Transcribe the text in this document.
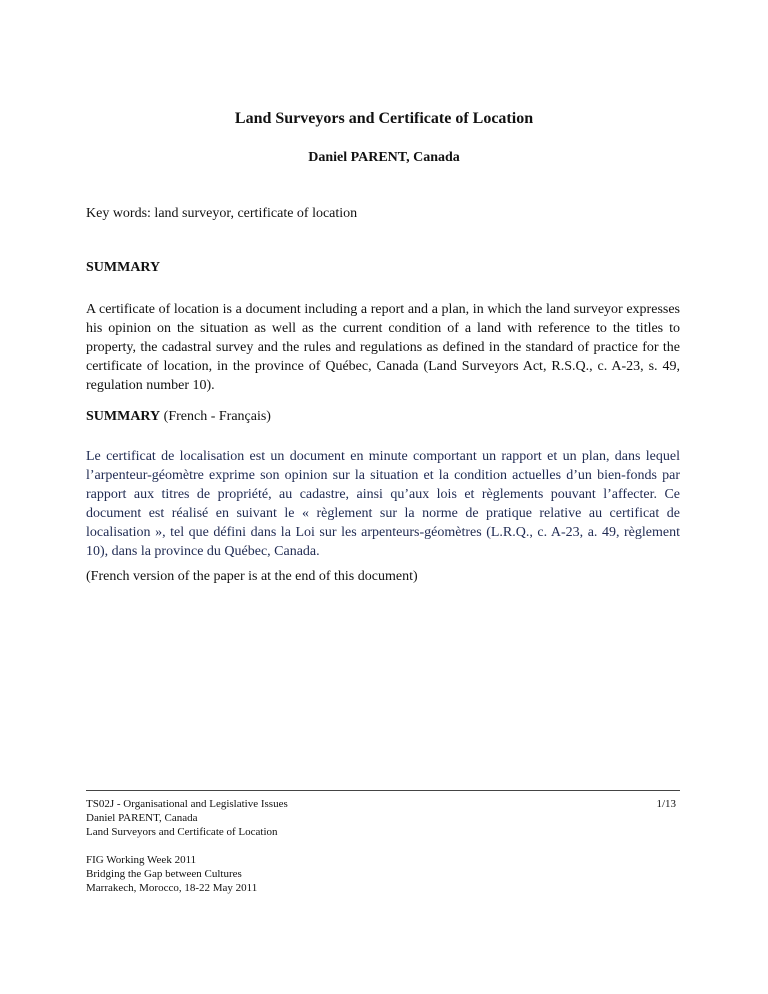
Land Surveyors and Certificate of Location
Daniel PARENT, Canada
Key words: land surveyor, certificate of location
SUMMARY

A certificate of location is a document including a report and a plan, in which the land surveyor expresses his opinion on the situation as well as the current condition of a land with reference to the titles to property, the cadastral survey and the rules and regulations as defined in the standard of practice for the certificate of location, in the province of Québec, Canada (Land Surveyors Act, R.S.Q., c. A-23, s. 49, regulation number 10).

SUMMARY (French - Français)

Le certificat de localisation est un document en minute comportant un rapport et un plan, dans lequel l’arpenteur-géomètre exprime son opinion sur la situation et la condition actuelles d’un bien-fonds par rapport aux titres de propriété, au cadastre, ainsi qu’aux lois et règlements pouvant l’affecter. Ce document est réalisé en suivant le « règlement sur la norme de pratique relative au certificat de localisation », tel que défini dans la Loi sur les arpenteurs-géomètres (L.R.Q., c. A-23, a. 49, règlement 10), dans la province du Québec, Canada.

(French version of the paper is at the end of this document)
TS02J - Organisational and Legislative Issues
Daniel PARENT, Canada
Land Surveyors and Certificate of Location
FIG Working Week 2011
Bridging the Gap between Cultures
Marrakech, Morocco, 18-22 May 2011
1/13
